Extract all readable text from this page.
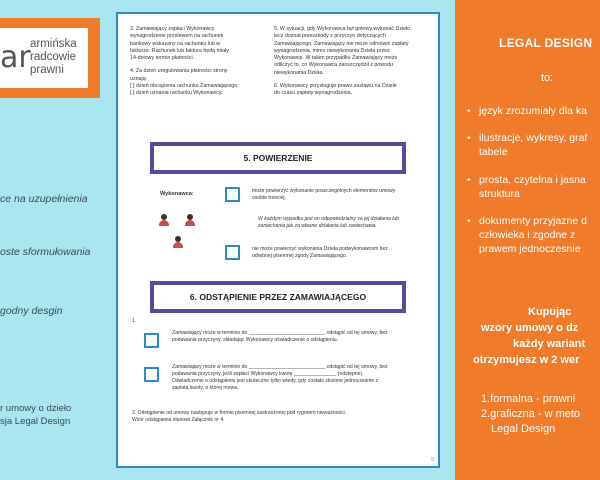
ar armińska
radcowie
prawni
ce na uzupełnienia
oste sformułowania
godny desgin
r umowy o dzieło
sja Legal Design
3. Zamawiający zapłaci Wykonawcy
wynagrodzenie przelewem na rachunek
bankowy wskazany na rachunku lub w
fakturze. Rachunek lub faktura będą miały
14-dniowy termin płatności.
4. Za dzień uregulowania płatności strony
uznają:
[ ] dzień obciążenia rachunku Zamawiającego;
[ ] dzień uznania rachunku Wykonawcy.
5. W sytuacji, gdy Wykonawca był gotowy wykonać Dzieło,
lecz doznał przeszkody z przyczyn dotyczących
Zamawiającego, Zamawiający nie może odmówić zapłaty
wynagrodzenia, mimo niewykonania Dzieła przez
Wykonawcę. W takim przypadku Zamawiający może
odliczyć to, co Wykonawca zaoszczędził z powodu
niewykonania Dzieła.
6. Wykonawcy przysługuje prawo zastawu na Dziele
do czasu zapłaty wynagrodzenia.
5. POWIERZENIE
Wykonawca:	może powierzyć wykonanie poszczególnych elementów umowy
osobie trzeciej.
W każdym wypadku jest on odpowiedzialny za jej działania lub
zaniechania jak za własne działania lub zaniechania.
nie może powierzyć wykonania Dzieła podwykonawcom bez
odrębnej pisemnej zgody Zamawiającego.
6. ODSTĄPIENIE PRZEZ ZAMAWIAJĄCEGO
1.
Zamawiający może w terminie do ___________________________ odstąpić od tej umowy, bez
podawania przyczyny, składając Wykonawcy oświadczenie o odstąpieniu.
Zamawiający może w terminie do ___________________________ odstąpić od tej umowy, bez
podawania przyczyny, jeśli zapłaci Wykonawcy kwotę _______________ (odstępne).
Oświadczenie o odstąpieniu jest skuteczne tylko wtedy, gdy zostało złożone jednocześnie z
zapłatą kwoty, o której mowa.
2. Odstąpienie od umowy następuje w formie pisemnej zastrzeżonej pod rygorem nieważności.
Wzór odstąpienia stanowi Załącznik nr 4.
5
LEGAL DESIGN
to:
• język zrozumiały dla ka
• ilustracje, wykresy, graf
tabele
• prosta, czytelna i jasna
struktura
• dokumenty przyjazne d
człowieka i zgodne z
prawem jednoczesnie
Kupując
wzory umowy o dz
każdy wariant
otrzymujesz w 2 wer
1.formalna - prawni
2.graficzna - w meto
Legal Design
